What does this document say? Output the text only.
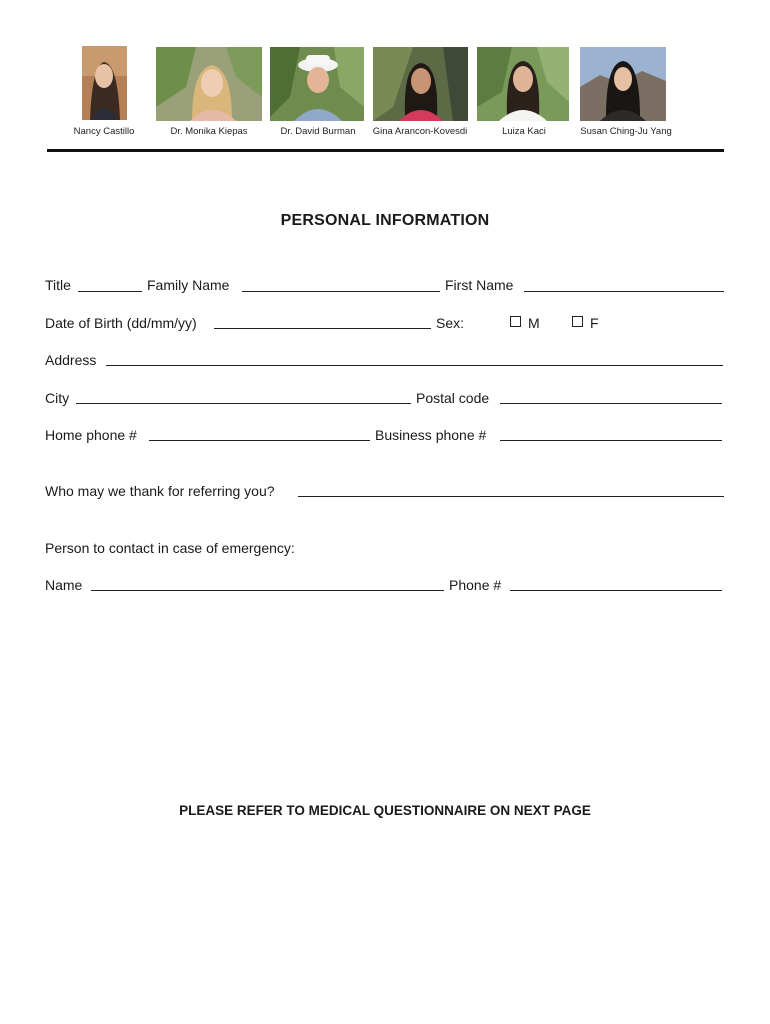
Nancy Castillo	Dr. Monika Kiepas	Dr. David Burman Gina Arancon-Kovesdi	Luiza Kaci	Susan Ching-Ju Yang
PERSONAL INFORMATION
Title	Family Name	First Name
Date of Birth (dd/mm/yy)	Sex:	M	F
Address
City	Postal code
Home phone #	Business phone #
Who may we thank for referring you?
Person to contact in case of emergency:
Name	Phone #
PLEASE REFER TO MEDICAL QUESTIONNAIRE ON NEXT PAGE
